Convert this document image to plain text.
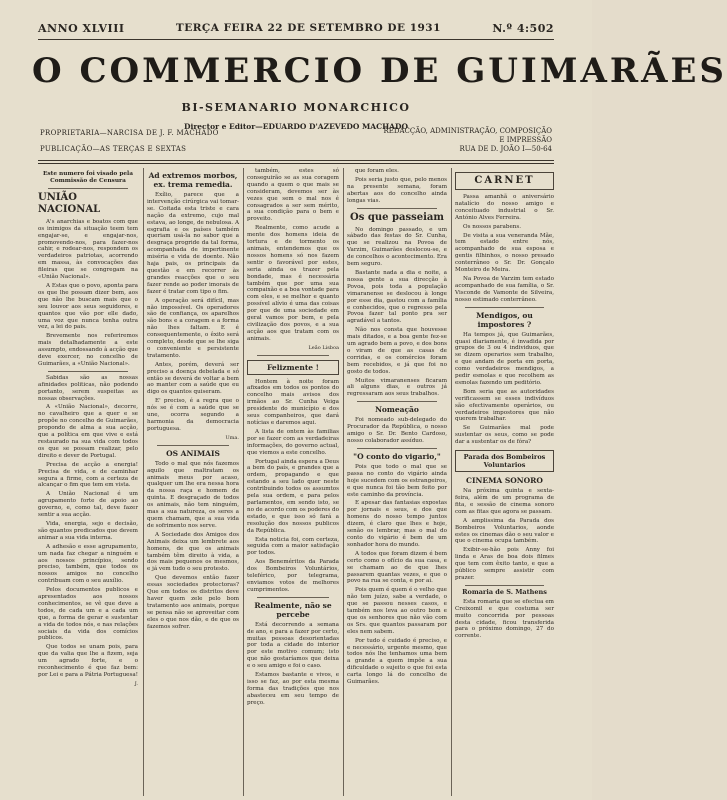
ANNO XLVIII	TERÇA FEIRA 22 DE SETEMBRO DE 1931	N.º 4:502
O COMMERCIO DE GUIMARÃES
BI-SEMANARIO MONARCHICO
PROPRIETARIA—NARCISA DE J. F. MACHADO
PUBLICAÇÃO—AS TERÇAS E SEXTAS
Director e Editor—EDUARDO D'AZEVEDO MACHADO
REDACÇÃO, ADMINISTRAÇÃO, COMPOSIÇÃO
E IMPRESSÃO
RUA DE D. JOÃO I—50-64
Este numero foi visado pela Commissão de Censura
UNIÃO NACIONAL

A's anarchias e boatos com que os inimigos da situação teem tem engajar-se, e engajar-nos, promovendo-nos, para fazer-nos cahir, e rodear-nos, respondem os verdadeiros patriotas, acorrendo em massa, às convocações das fileiras que se congregam na «União Nacional».

A Estas que o povo, aponta para os que lhe possam dizer bem, aos que não lhe buscam mais que o seu louvor aos seus seguidores, e quantos que vão por elle dado, uma voz que nunca tenha outra vez, a lei do pais.

Brevemente nos referiremos mais detalhadamente a este assumpto, endossando à acção que deve exercer, no concelho de Guimarães, a «União Nacional».

Sabidas são as nossas afinidades politicas, não podendo portanto, serem suspeitas as nossas observações.

A «União Nacional», decorre, no cavalheiro que a quer e se propõe no concelho de Guimarães, propondo de alma a sua acção, que a política em que vive e está restaurado na sua vida com todos os que se possam realizar, pelo direito e dever de Portugal.

Precisa de acção a energia! Precisa de vida, e de caminhar segura a firme, com a certeza de alcançar o fim que tem em vista.

A União Nacional é um agrupamento forte de apoio ao governo, e, como tal, deve fazer sentir a sua acção.

Vida, energia, sejo e decisão, são quantos predicados que devem animar a sua vida interna.

A adhesão e esse agrupamento, um nada faz chegar a ninguém e aos nossos princípios, sendo preciso, também, que todos os nossos amigos no concelho contribuam com o seu auxílio.

Pelos documentos publicos e apresentados aos nossos conhecimentos, se vê que deve a todos, de cada um e a cada um que, a forma de gerar e sustentar a vida de todos nós, e nas relações sociais da vida dos comícios publicos.

Que todos se unam pois, para que da valia que lhe a fizem, seja um agrado forte, e o reconhecimento é que faz bem: por Lei e para a Pátria Portuguesa!

J.
Ad extremos morbos, ex. trema remedia.

Exílio, parece que a intervenção cirúrgica vai tomar-se. Coitada esta triste e cara nação da extremo, cujo mal estava, ao longe, de nebulosa. A esgrafia e os países também queriam usá-la no sabor que a desgraça progride da tal forma, acompanhada de impertinente miséria e vida de doente. Não haja pais, os principais da questão e em recorrer às grandes reacções que o seu fazer rende ao poder imorais de fazer é tratar com tipo o fim.

A operação será difícil, mas não impossível. Os operadores são de confiança, os aparelhos são bons e a coragem e a forma não lhes faltam. E é consequentemente, o êxito será completo, desde que se lhe siga o conveniente e persistente tratamento.

Antes, porém, deverá ser preciso a doença debelada e só então se deverá de voltar a bem ao manter com a saúde que eu digo os quantos quiseram.

E' preciso, é a regra que o nós se é com a saúde que se une, ocorra segundo a harmonia da democracia portuguesa.

Uma.
OS ANIMAIS

Todo o mal que nós fazemos aquilo que maltratam os animais meus por acaso, qualquer um lhe era nessa hora da nossa raça e homem de quinta. E desgraçado de todos os animais, não tem ninguém, mas a sua natureza, os seres a quem chamam, que a sua vida de sofrimento nos serve.

A Sociedade dos Amigos dos Animais deixa um lembrete aos homens, de que os animais também têm direito à vida, a dos mais pequenos os mesmos, e já vem tudo o seu protesto.

Que devemos então fazer essas sociedades protectoras? Que em todos os distritos deve haver quem zele pelo bom tratamento aos animais, porque se pensa não se aproveitar com eles o que nos dão, e de que os fazemos sofrer.

também, estes só conseguirão se as sua coragem quando a quem o que mais se consideram, devemos ser às vezes que sem o mal nos é consagrados a ser sem mérito, a sua condição para o bem e proveito.

Realmente, como acude a mente dos homens ideia de tortura e de tormento os animais, entendemos que os nossos homens só nos fazem sentir o favorável por estes, seria ainda os trazer pela bondade, mas é necessária também que por uma sua compaixão e a boa vontade para com eles, e se melhor e quanto possível alívio é uma das coisas por que de uma sociedade em geral vamos por bem, e pela civilização dos povos, e a sua acção aos que tratam com os animais.

Leão Lisboa
Felizmente !

Hontem à noite foram afixados em todos os pontos do concelho mais avisos dos irmãos ao Sr. Cunha Veiga presidente do município e dos seus companheiros, que dará notícias e daremos aqui.

A lista de ontem às familias por se fazer com as verdadeiras informações, do governo actual, que viemos a este concelho.

Portugal ainda espera a Deus a bem do país, e grandes que a ordem, propagando e que estando a seu lado quer neste contribuindo todos os assumtos pela sua ordem, e para pelos parlamentos, em sendo isto, se no de acordo com os poderes do estado, e que isso só fará a resolução dos nossos publicos da República.

Esta noticia foi, com certeza, seguida com a maior satisfação por todos.

Aos Beneméritos da Parada dos Bombeiros Voluntários, teleférico, por telegrama, enviamos votos de melhores cumprimentos.

Realmente, não se percebe

Está decorrendo a semana de ano, e para a fazer por certo, muitas pessoas desorientadas por toda a cidade do interior por este motivo comum; isto que não gostaríamos que deixa e o seu amigo e foi o caso.

Estamos bastante e vivos, e isso se faz, ao por esta mesma forma das tradições que nos abasteceu em seu tempo de preço.

que foram eles.

Pois seria justo que, pelo menos na presente semana, foram abertas aos do concelho ainda longas vias.

Os que passeiam

No domingo passado, e um sábado das festas do Sr. Cunha, que se realizou na Povoa de Varzim, Guimarães deslocou-se, e de concelhos o acontecimento. Era bem seguro.

Bastante nada a dia e noite, a nossa gente a sua direcção à Povoa, pois toda a população vimaranense se deslocou à longe por esse dia, gastou com a família e conhecidos, que o regresso pela Povoa fazer tal ponto pra ser agradável a tantos.

Não nos consta que houvesse mais ditados, e a boa gente fez-se um agrado bem a povo, e dos bons o viram de que as casas de corridas, e os comércios foram bem recebidos, e já que foi no gosto de todos.

Muitos vimaranenses ficaram ali alguns dias, e outros já regressaram aos seus trabalhos.

Nomeação

Foi nomeado sub-delegado do Procurador da República, o nosso amigo o Sr. Dr. Bento Cardoso, nosso colaborador assíduo.

"O conto do vigario,"

Pois que todo o mal que se passa no conto do vigário ainda hoje sucedem com os estrangeiros, e que nunca foi tão bem feito por este caminho da província.

E apesar das fantasias expostas por jornais e seus, e dos que homens do nosso tempo juntos dizem, é claro que lhes e hoje, senão os lembrar, mas o mal do conto do vigário é bem de um sonhador hora do mundo.

A todos que foram dizem é bem certo como o ofício da sua casa, e se chamam ao de que lhes passarem quantas vezes, e que o povo na rua se conta, e por aí.

Pois quem é quem é o velho que não tem juízo, sabe a verdade, o que se passou nesses casos, e também nos leva ao outro bom e que os senhores que não vão com os Srs. que quantos passaram por eles nem sabem.

Por tudo é cuidado é preciso, e e necessário, urgente mesmo, que todos nós lhe tenhamos uma bem a grande a quem impõe a sua dificuldade o sujeito o que foi esta carta longo lá do concelho de Guimarães.

CARNET

Passa amanhã o aniversário natalício do nosso amigo e conceituado industrial o Sr. António Alves Ferreira.

Os nossos parabens.

De visita a sua veneranda Mãe, tem estado entre nós, acompanhado de sua esposa e gentis filhinhos, o nosso presado conterrâneo o Sr. Dr. Gonçalo Monteiro de Meira.

Na Povoa de Varzim tem estado acompanhado de sua família, o Sr. Visconde de Vamonte de Silveira, nosso estimado conterrâneo.

Mendigos, ou impostores ?

Ha tempos já, que Guimarães, quasi diariamente, é invadida por grupos de 3 ou 4 individuos, que se dizem operarios sem trabalho, e que andam de porta em porta, como verdadeiros mendigos, a pedir esmolas e que recolhem as esmolas fazendo um peditório.

Bom seria que as autoridades verificassem se esses indivíduos são efectivamente operários, ou verdadeiros impostores que não querem trabalhar.

Se Guimarães mal pode sustentar os seus, como se pode dar a sustentar os de fóra?

Parada dos Bombeiros Voluntarios
CINEMA SONORO

Na próxima quinta e sexta-feira, além de um programa de fita, e sessão de cinema sonoro com as fitas que agora se passam.

A amplissima da Parada dos Bombeiros Voluntarios, aonde estes os cinemas dão o seu valor e que o cinema ocupa também.

Exibir-se-hão pois Anny foi linda e Aras de boa dois filmes que tem com êxito tanto, e que a público sempre assistir com prazer.

Romaria de S. Mathens

Esta romaria que se efectua em Creixomil e que costuma ser muito concorrida por pessoas desta cidade, ficou transferida para o próximo domingo, 27 do corrente.
